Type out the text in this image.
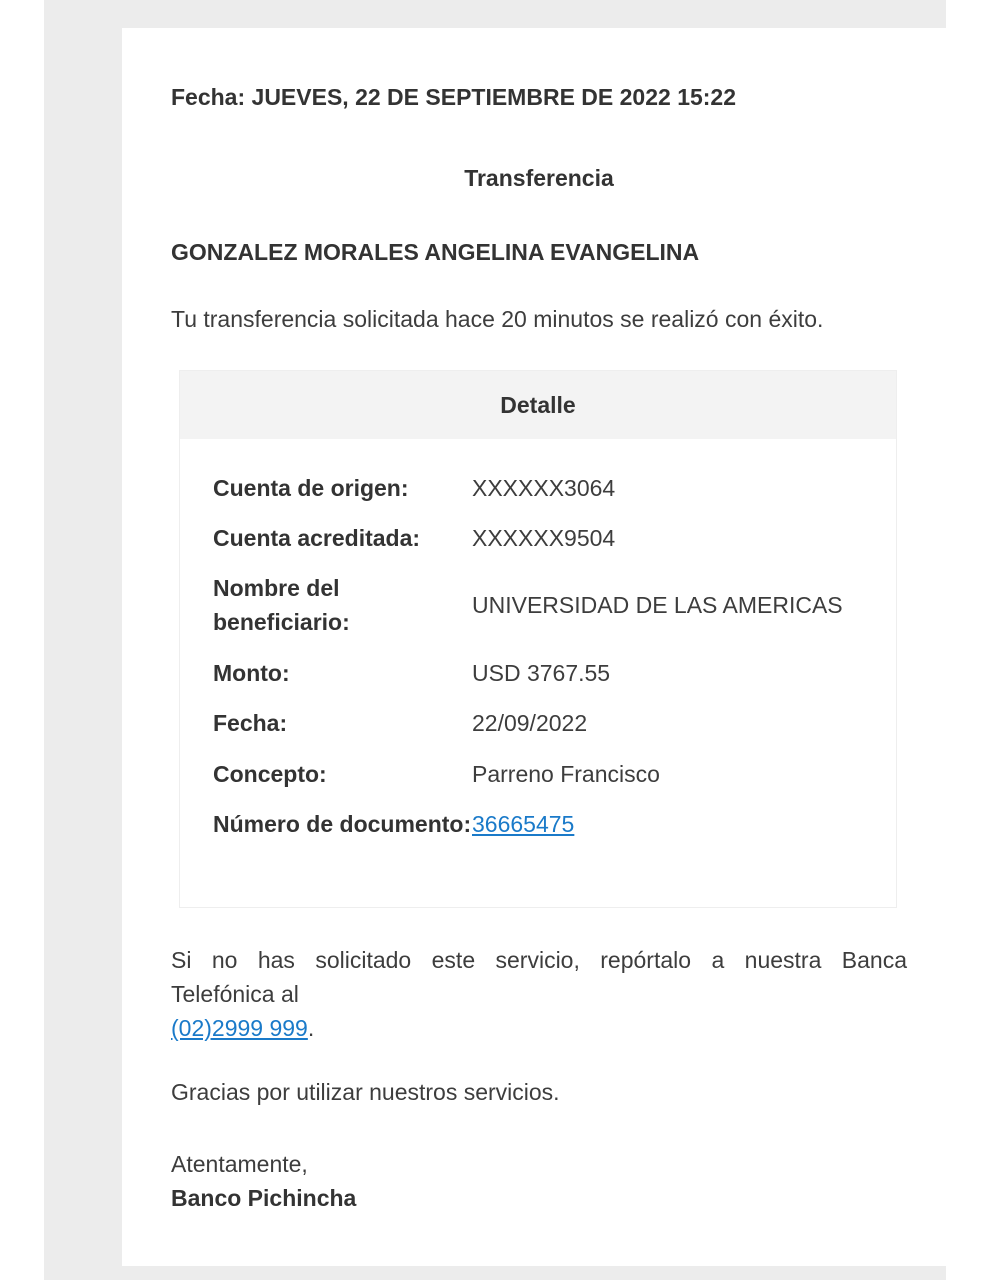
Fecha: JUEVES, 22 DE SEPTIEMBRE DE 2022 15:22
Transferencia
GONZALEZ MORALES ANGELINA EVANGELINA
Tu transferencia solicitada hace 20 minutos se realizó con éxito.
Detalle
Cuenta de origen:	XXXXXX3064
Cuenta acreditada:	XXXXXX9504
Nombre del beneficiario:
UNIVERSIDAD DE LAS AMERICAS
Monto:	USD 3767.55
Fecha:	22/09/2022
Concepto:	Parreno Francisco
Número de documento: 36665475
Si no has solicitado este servicio, repórtalo a nuestra Banca
Telefónica al
(02)2999 999.
Gracias por utilizar nuestros servicios.
Atentamente,
Banco Pichincha
